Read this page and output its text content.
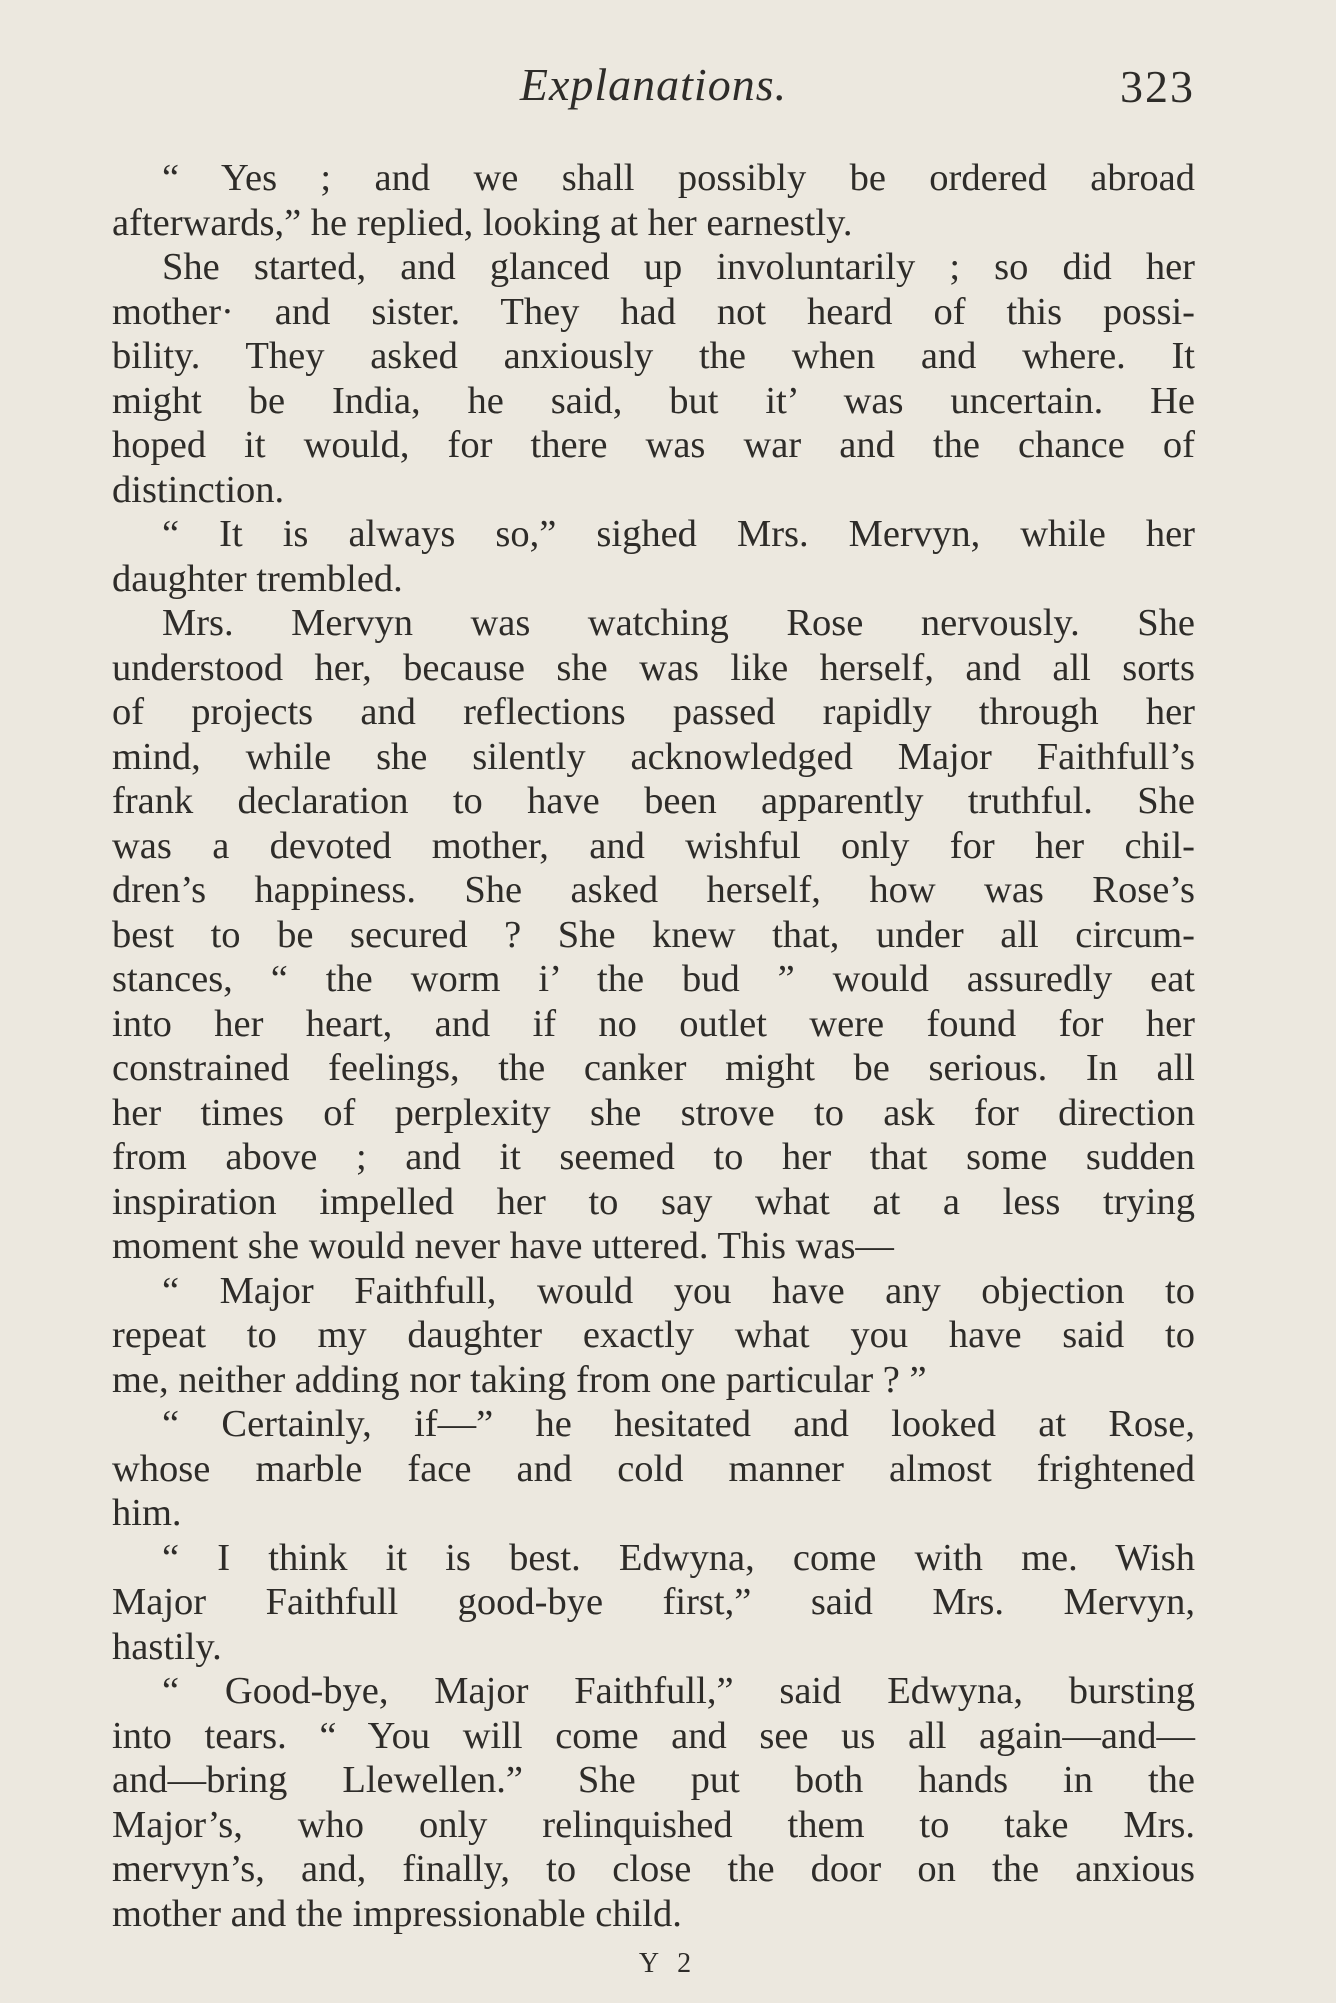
Explanations.	323
“ Yes ; and we shall possibly be ordered abroad
afterwards,” he replied, looking at her earnestly.
She started, and glanced up involuntarily ; so did her
mother· and sister. They had not heard of this possi-
bility. They asked anxiously the when and where. It
might be India, he said, but it’ was uncertain. He
hoped it would, for there was war and the chance of
distinction.
“ It is always so,” sighed Mrs. Mervyn, while her
daughter trembled.
Mrs. Mervyn was watching Rose nervously. She
understood her, because she was like herself, and all sorts
of projects and reflections passed rapidly through her
mind, while she silently acknowledged Major Faithfull’s
frank declaration to have been apparently truthful. She
was a devoted mother, and wishful only for her chil-
dren’s happiness. She asked herself, how was Rose’s
best to be secured ? She knew that, under all circum-
stances, “ the worm i’ the bud ” would assuredly eat
into her heart, and if no outlet were found for her
constrained feelings, the canker might be serious. In all
her times of perplexity she strove to ask for direction
from above ; and it seemed to her that some sudden
inspiration impelled her to say what at a less trying
moment she would never have uttered. This was—
“ Major Faithfull, would you have any objection to
repeat to my daughter exactly what you have said to
me, neither adding nor taking from one particular ? ”
“ Certainly, if—” he hesitated and looked at Rose,
whose marble face and cold manner almost frightened
him.
“ I think it is best. Edwyna, come with me. Wish
Major Faithfull good-bye first,” said Mrs. Mervyn,
hastily.
“ Good-bye, Major Faithfull,” said Edwyna, bursting
into tears. “ You will come and see us all again—and—
and—bring Llewellen.” She put both hands in the
Major’s, who only relinquished them to take Mrs.
mervyn’s, and, finally, to close the door on the anxious
mother and the impressionable child.
Y 2
